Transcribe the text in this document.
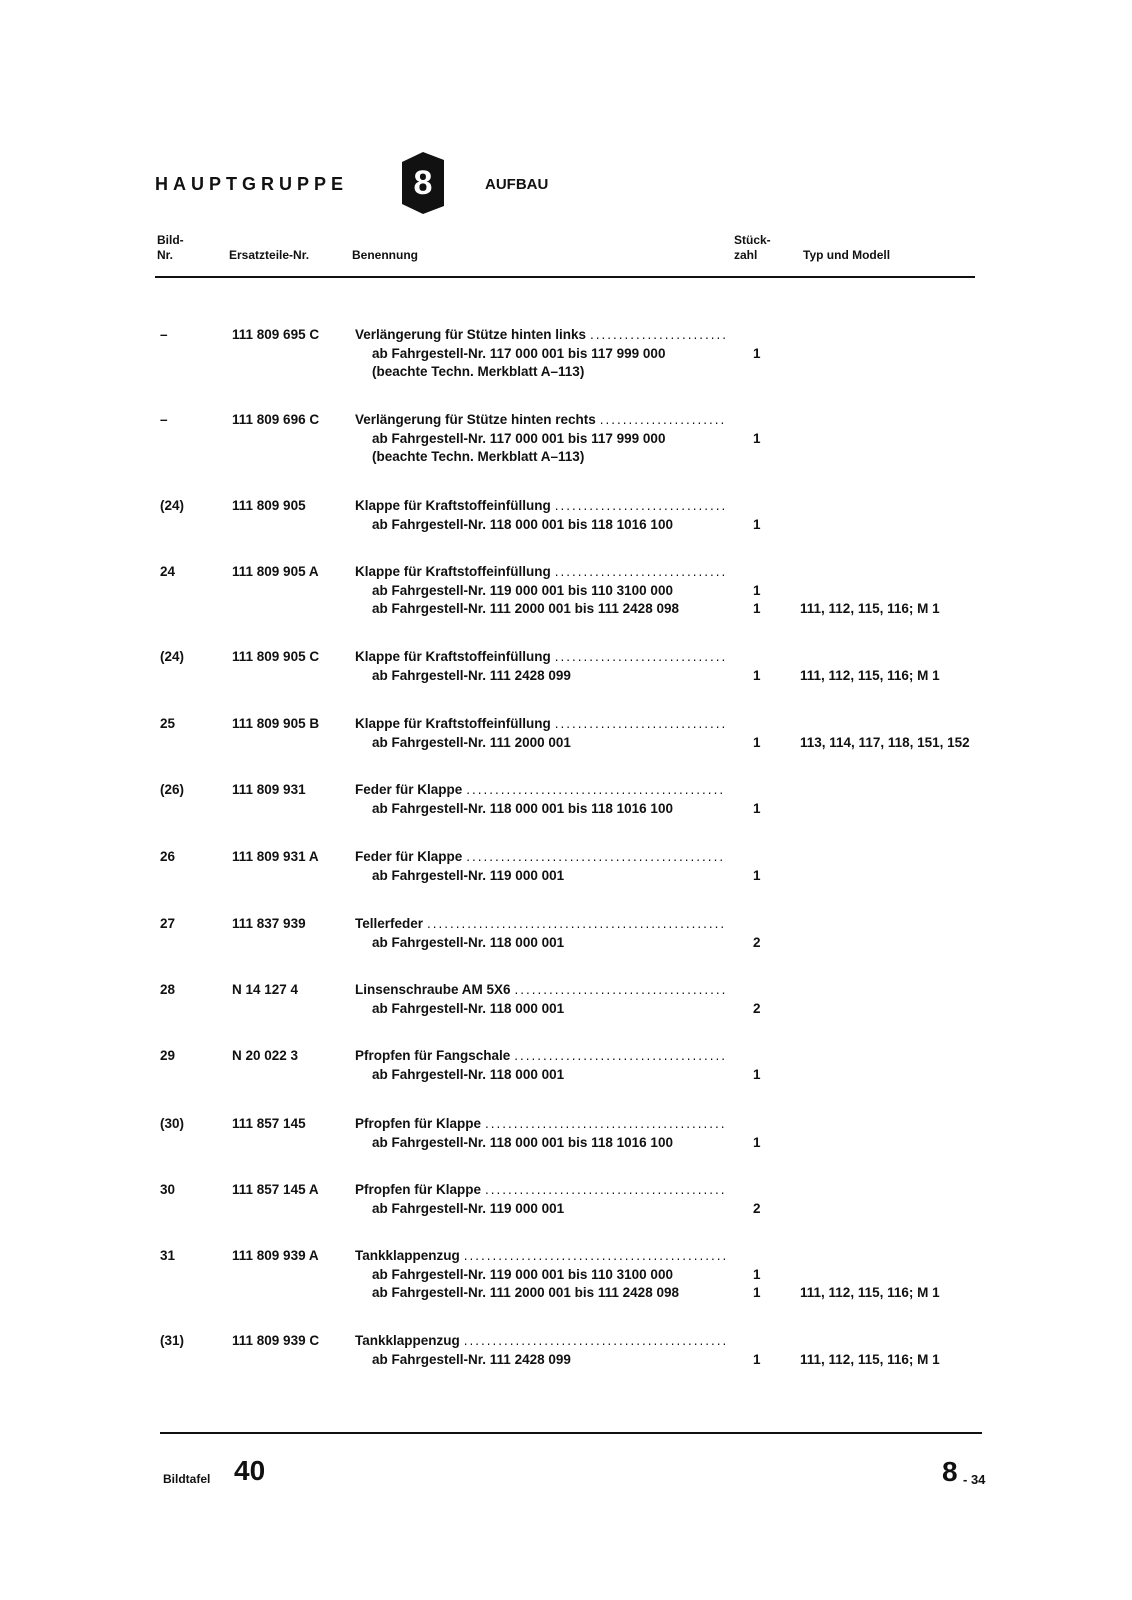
HAUPTGRUPPE 8	AUFBAU
Bild-
Nr.	Ersatzteile-Nr.	Benennung
Stück-
zahl	Typ und Modell
–	111 809 695 C	Verlängerung für Stütze hinten links
.....
ab Fahrgestell-Nr. 117 000 001 bis 117 999 000	1
(beachte Techn. Merkblatt A–113)
–	111 809 696 C	Verlängerung für Stütze hinten rechts
.....
ab Fahrgestell-Nr. 117 000 001 bis 117 999 000	1
(beachte Techn. Merkblatt A–113)
(24)	111 809 905	Klappe für Kraftstoffeinfüllung
.....
ab Fahrgestell-Nr. 118 000 001 bis 118 1016 100	1
24	111 809 905 A	Klappe für Kraftstoffeinfüllung
.....
ab Fahrgestell-Nr. 119 000 001 bis 110 3100 000	1
ab Fahrgestell-Nr. 111 2000 001 bis 111 2428 098	1	111, 112, 115, 116; M 1
(24)	111 809 905 C	Klappe für Kraftstoffeinfüllung
.....
ab Fahrgestell-Nr. 111 2428 099	1	111, 112, 115, 116; M 1
25	111 809 905 B	Klappe für Kraftstoffeinfüllung
.....
ab Fahrgestell-Nr. 111 2000 001	1	113, 114, 117, 118, 151, 152
(26)	111 809 931	Feder für Klappe
.....
ab Fahrgestell-Nr. 118 000 001 bis 118 1016 100	1
26	111 809 931 A	Feder für Klappe
.....
ab Fahrgestell-Nr. 119 000 001	1
27	111 837 939	Tellerfeder
.....
ab Fahrgestell-Nr. 118 000 001	2
28	N 14 127 4	Linsenschraube AM 5X6
.....
ab Fahrgestell-Nr. 118 000 001	2
29	N 20 022 3	Pfropfen für Fangschale
.....
ab Fahrgestell-Nr. 118 000 001	1
(30)	111 857 145	Pfropfen für Klappe
.....
ab Fahrgestell-Nr. 118 000 001 bis 118 1016 100	1
30	111 857 145 A	Pfropfen für Klappe
.....
ab Fahrgestell-Nr. 119 000 001	2
31	111 809 939 A	Tankklappenzug
.....
ab Fahrgestell-Nr. 119 000 001 bis 110 3100 000	1
ab Fahrgestell-Nr. 111 2000 001 bis 111 2428 098	1	111, 112, 115, 116; M 1
(31)	111 809 939 C	Tankklappenzug
.....
ab Fahrgestell-Nr. 111 2428 099	1	111, 112, 115, 116; M 1
Bildtafel 40	8 - 34
